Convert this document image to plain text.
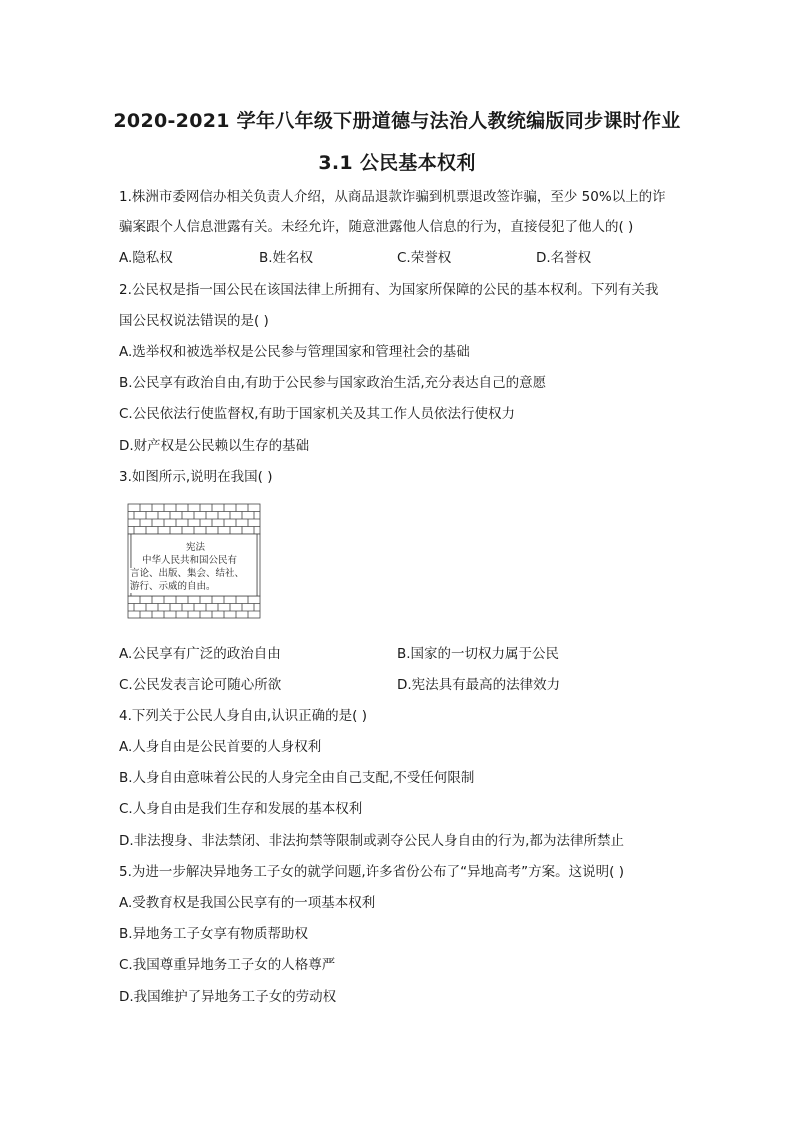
2020-2021 学年八年级下册道德与法治人教统编版同步课时作业
3.1 公民基本权利
1.株洲市委网信办相关负责人介绍，从商品退款诈骗到机票退改签诈骗，至少 50%以上的诈
骗案跟个人信息泄露有关。未经允许，随意泄露他人信息的行为，直接侵犯了他人的( )
A.隐私权	B.姓名权	C.荣誉权	D.名誉权
2.公民权是指一国公民在该国法律上所拥有、为国家所保障的公民的基本权利。下列有关我
国公民权说法错误的是( )
A.选举权和被选举权是公民参与管理国家和管理社会的基础
B.公民享有政治自由,有助于公民参与国家政治生活,充分表达自己的意愿
C.公民依法行使监督权,有助于国家机关及其工作人员依法行使权力
D.财产权是公民赖以生存的基础
3.如图所示,说明在我国( )
宪法
中华人民共和国公民有
言论、出版、集会、结社、
游行、示威的自由。
A.公民享有广泛的政治自由	B.国家的一切权力属于公民
C.公民发表言论可随心所欲	D.宪法具有最高的法律效力
4.下列关于公民人身自由,认识正确的是( )
A.人身自由是公民首要的人身权利
B.人身自由意味着公民的人身完全由自己支配,不受任何限制
C.人身自由是我们生存和发展的基本权利
D.非法搜身、非法禁闭、非法拘禁等限制或剥夺公民人身自由的行为,都为法律所禁止
5.为进一步解决异地务工子女的就学问题,许多省份公布了“异地高考”方案。这说明( )
A.受教育权是我国公民享有的一项基本权利
B.异地务工子女享有物质帮助权
C.我国尊重异地务工子女的人格尊严
D.我国维护了异地务工子女的劳动权
